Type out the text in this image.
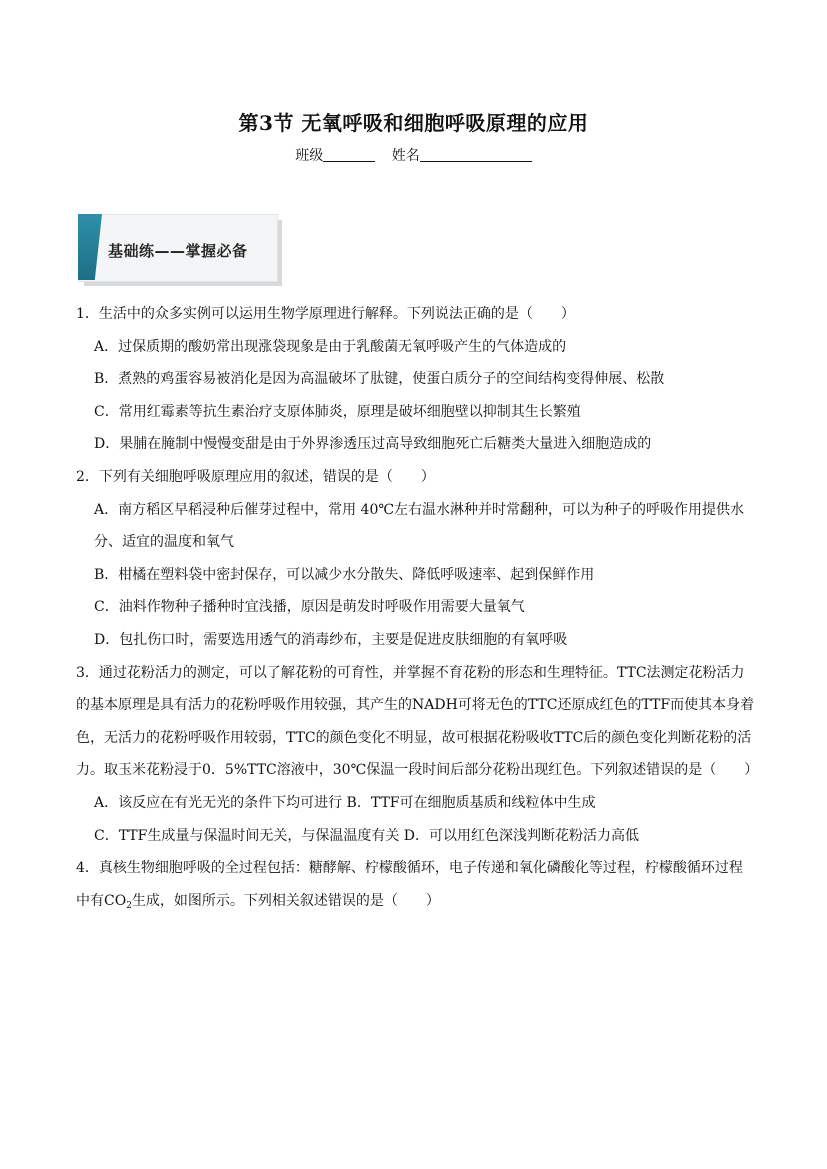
第3节 无氧呼吸和细胞呼吸原理的应用
班级	姓名
基础练——掌握必备

1．生活中的众多实例可以运用生物学原理进行解释。下列说法正确的是（　　）

A．过保质期的酸奶常出现涨袋现象是由于乳酸菌无氧呼吸产生的气体造成的

B．煮熟的鸡蛋容易被消化是因为高温破坏了肽键，使蛋白质分子的空间结构变得伸展、松散

C．常用红霉素等抗生素治疗支原体肺炎，原理是破坏细胞壁以抑制其生长繁殖

D．果脯在腌制中慢慢变甜是由于外界渗透压过高导致细胞死亡后糖类大量进入细胞造成的

2．下列有关细胞呼吸原理应用的叙述，错误的是（　　）

A．南方稻区早稻浸种后催芽过程中，常用 40℃左右温水淋种并时常翻种，可以为种子的呼吸作用提供水分、适宜的温度和氧气

B．柑橘在塑料袋中密封保存，可以减少水分散失、降低呼吸速率、起到保鲜作用

C．油料作物种子播种时宜浅播，原因是萌发时呼吸作用需要大量氧气

D．包扎伤口时，需要选用透气的消毒纱布，主要是促进皮肤细胞的有氧呼吸

3．通过花粉活力的测定，可以了解花粉的可育性，并掌握不育花粉的形态和生理特征。TTC法测定花粉活力的基本原理是具有活力的花粉呼吸作用较强，其产生的NADH可将无色的TTC还原成红色的TTF而使其本身着色，无活力的花粉呼吸作用较弱，TTC的颜色变化不明显，故可根据花粉吸收TTC后的颜色变化判断花粉的活力。取玉米花粉浸于0．5%TTC溶液中，30℃保温一段时间后部分花粉出现红色。下列叙述错误的是（　　）

A．该反应在有光无光的条件下均可进行 B．TTF可在细胞质基质和线粒体中生成

C．TTF生成量与保温时间无关，与保温温度有关 D．可以用红色深浅判断花粉活力高低

4．真核生物细胞呼吸的全过程包括：糖酵解、柠檬酸循环，电子传递和氧化磷酸化等过程，柠檬酸循环过程中有$CO_2$生成，如图所示。下列相关叙述错误的是（　　）
